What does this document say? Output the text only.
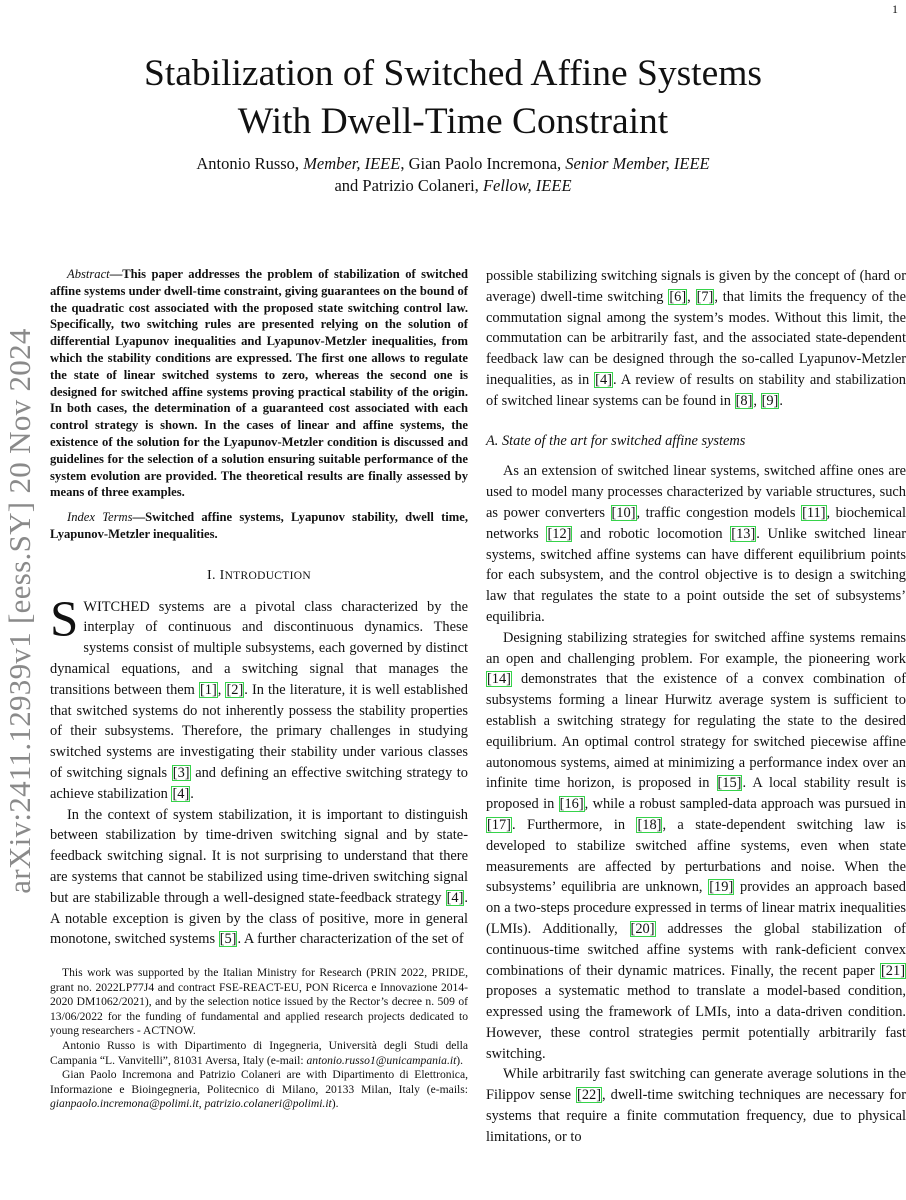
1
arXiv:2411.12939v1 [eess.SY] 20 Nov 2024
Stabilization of Switched Affine Systems
With Dwell-Time Constraint
Antonio Russo, Member, IEEE, Gian Paolo Incremona, Senior Member, IEEE
and Patrizio Colaneri, Fellow, IEEE

Abstract—This paper addresses the problem of stabilization of switched affine systems under dwell-time constraint, giving guarantees on the bound of the quadratic cost associated with the proposed state switching control law. Specifically, two switching rules are presented relying on the solution of differential Lyapunov inequalities and Lyapunov-Metzler inequalities, from which the stability conditions are expressed. The first one allows to regulate the state of linear switched systems to zero, whereas the second one is designed for switched affine systems proving practical stability of the origin. In both cases, the determination of a guaranteed cost associated with each control strategy is shown. In the cases of linear and affine systems, the existence of the solution for the Lyapunov-Metzler condition is discussed and guidelines for the selection of a solution ensuring suitable performance of the system evolution are provided. The theoretical results are finally assessed by means of three examples.

Index Terms—Switched affine systems, Lyapunov stability, dwell time, Lyapunov-Metzler inequalities.

I. INTRODUCTION

SWITCHED systems are a pivotal class characterized by the interplay of continuous and discontinuous dynamics. These systems consist of multiple subsystems, each governed by distinct dynamical equations, and a switching signal that manages the transitions between them [1], [2]. In the literature, it is well established that switched systems do not inherently possess the stability properties of their subsystems. Therefore, the primary challenges in studying switched systems are investigating their stability under various classes of switching signals [3] and defining an effective switching strategy to achieve stabilization [4].

In the context of system stabilization, it is important to distinguish between stabilization by time-driven switching signal and by state-feedback switching signal. It is not surprising to understand that there are systems that cannot be stabilized using time-driven switching signal but are stabilizable through a well-designed state-feedback strategy [4]. A notable exception is given by the class of positive, more in general monotone, switched systems [5]. A further characterization of the set of

This work was supported by the Italian Ministry for Research (PRIN 2022, PRIDE, grant no. 2022LP77J4 and contract FSE-REACT-EU, PON Ricerca e Innovazione 2014-2020 DM1062/2021), and by the selection notice issued by the Rector’s decree n. 509 of 13/06/2022 for the funding of fundamental and applied research projects dedicated to young researchers - ACTNOW.

Antonio Russo is with Dipartimento di Ingegneria, Università degli Studi della Campania “L. Vanvitelli”, 81031 Aversa, Italy (e-mail: antonio.russo1@unicampania.it).

Gian Paolo Incremona and Patrizio Colaneri are with Dipartimento di Elettronica, Informazione e Bioingegneria, Politecnico di Milano, 20133 Milan, Italy (e-mails: gianpaolo.incremona@polimi.it, patrizio.colaneri@polimi.it).

possible stabilizing switching signals is given by the concept of (hard or average) dwell-time switching [6], [7], that limits the frequency of the commutation signal among the system’s modes. Without this limit, the commutation can be arbitrarily fast, and the associated state-dependent feedback law can be designed through the so-called Lyapunov-Metzler inequalities, as in [4]. A review of results on stability and stabilization of switched linear systems can be found in [8], [9].

A. State of the art for switched affine systems

As an extension of switched linear systems, switched affine ones are used to model many processes characterized by variable structures, such as power converters [10], traffic congestion models [11], biochemical networks [12] and robotic locomotion [13]. Unlike switched linear systems, switched affine systems can have different equilibrium points for each subsystem, and the control objective is to design a switching law that regulates the state to a point outside the set of subsystems’ equilibria.

Designing stabilizing strategies for switched affine systems remains an open and challenging problem. For example, the pioneering work [14] demonstrates that the existence of a convex combination of subsystems forming a linear Hurwitz average system is sufficient to establish a switching strategy for regulating the state to the desired equilibrium. An optimal control strategy for switched piecewise affine autonomous systems, aimed at minimizing a performance index over an infinite time horizon, is proposed in [15]. A local stability result is proposed in [16], while a robust sampled-data approach was pursued in [17]. Furthermore, in [18], a state-dependent switching law is developed to stabilize switched affine systems, even when state measurements are affected by perturbations and noise. When the subsystems’ equilibria are unknown, [19] provides an approach based on a two-steps procedure expressed in terms of linear matrix inequalities (LMIs). Additionally, [20] addresses the global stabilization of continuous-time switched affine systems with rank-deficient convex combinations of their dynamic matrices. Finally, the recent paper [21] proposes a systematic method to translate a model-based condition, expressed using the framework of LMIs, into a data-driven condition. However, these control strategies permit potentially arbitrarily fast switching.

While arbitrarily fast switching can generate average solutions in the Filippov sense [22], dwell-time switching techniques are necessary for systems that require a finite commutation frequency, due to physical limitations, or to
